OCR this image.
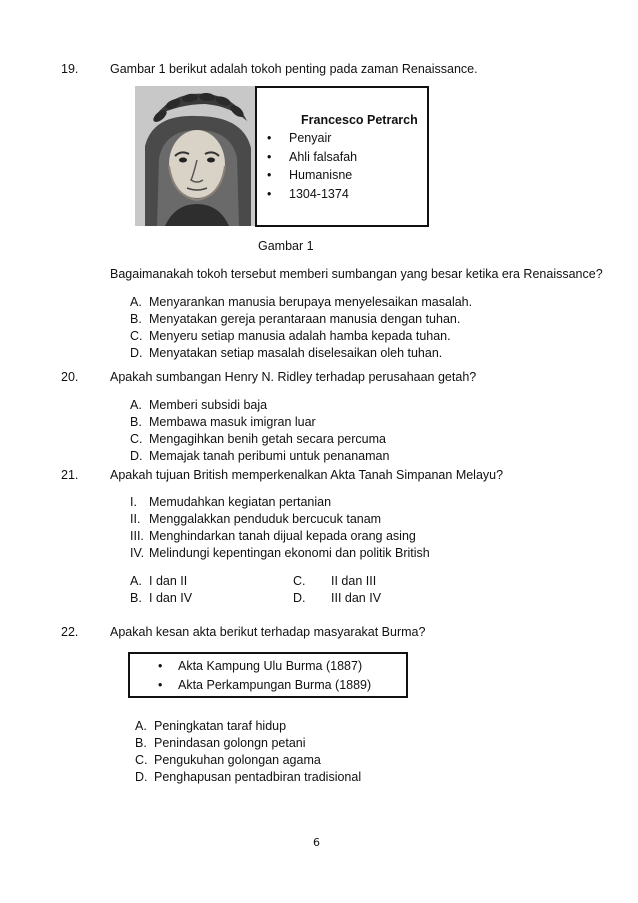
19.	Gambar 1 berikut adalah tokoh penting pada zaman Renaissance.
Francesco Petrarch
• Penyair
• Ahli falsafah
• Humanisne
• 1304-1374
Gambar 1
Bagaimanakah tokoh tersebut memberi sumbangan yang besar ketika era Renaissance?
A. Menyarankan manusia berupaya menyelesaikan masalah.
B. Menyatakan gereja perantaraan manusia dengan tuhan.
C. Menyeru setiap manusia adalah hamba kepada tuhan.
D. Menyatakan setiap masalah diselesaikan oleh tuhan.
20.	Apakah sumbangan Henry N. Ridley terhadap perusahaan getah?
A. Memberi subsidi baja
B. Membawa masuk imigran luar
C. Mengagihkan benih getah secara percuma
D. Memajak tanah peribumi untuk penanaman
21.	Apakah tujuan British memperkenalkan Akta Tanah Simpanan Melayu?
I. Memudahkan kegiatan pertanian
II. Menggalakkan penduduk bercucuk tanam
III. Menghindarkan tanah dijual kepada orang asing
IV. Melindungi kepentingan ekonomi dan politik British
A. I dan II
B. I dan IV
C. II dan III
D. III dan IV
22.	Apakah kesan akta berikut terhadap masyarakat Burma?
• Akta Kampung Ulu Burma (1887)
• Akta Perkampungan Burma (1889)
A. Peningkatan taraf hidup
B. Penindasan golongn petani
C. Pengukuhan golongan agama
D. Penghapusan pentadbiran tradisional
6
